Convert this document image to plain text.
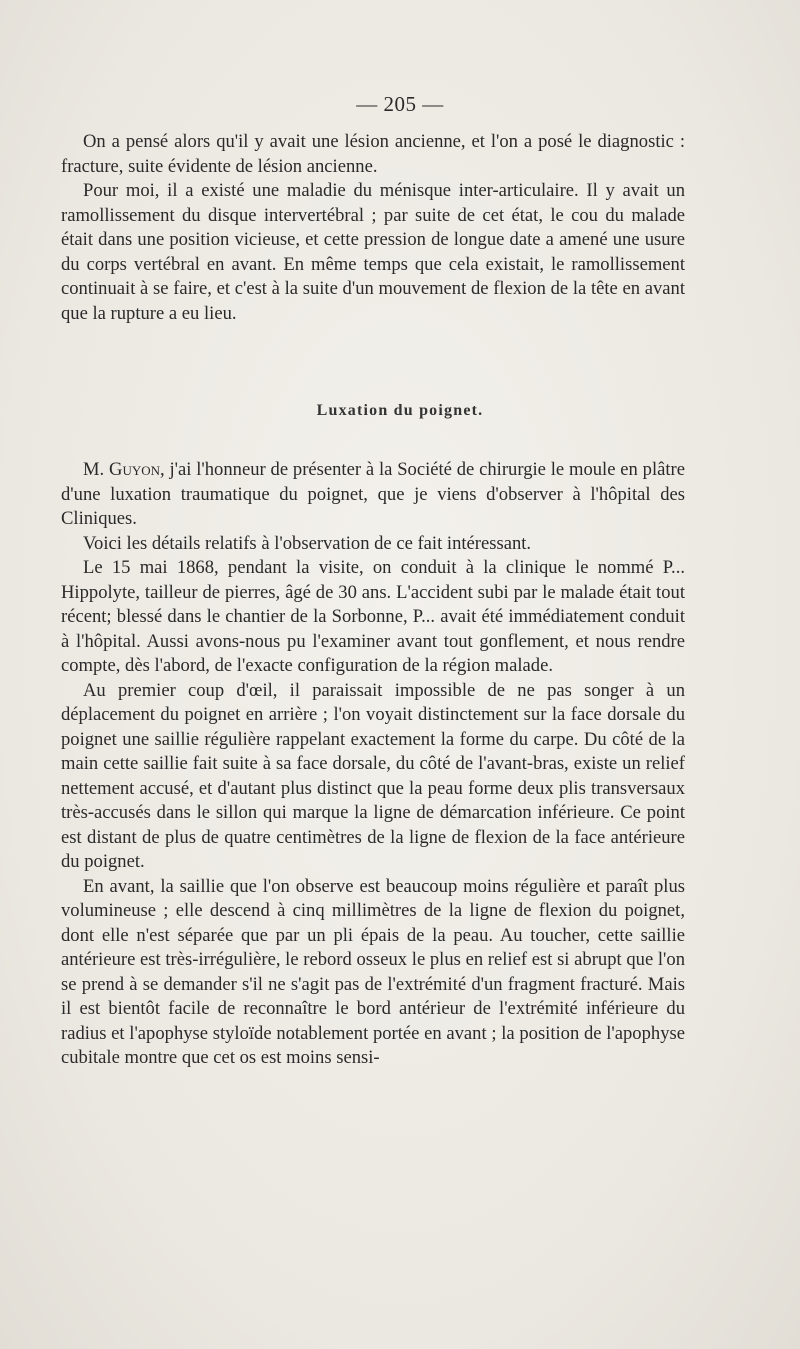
— 205 —

On a pensé alors qu'il y avait une lésion ancienne, et l'on a posé le diagnostic : fracture, suite évidente de lésion ancienne.

Pour moi, il a existé une maladie du ménisque inter-articulaire. Il y avait un ramollissement du disque intervertébral ; par suite de cet état, le cou du malade était dans une position vicieuse, et cette pression de longue date a amené une usure du corps vertébral en avant. En même temps que cela existait, le ramollissement continuait à se faire, et c'est à la suite d'un mouvement de flexion de la tête en avant que la rupture a eu lieu.

Luxation du poignet.

M. Guyon, j'ai l'honneur de présenter à la Société de chirurgie le moule en plâtre d'une luxation traumatique du poignet, que je viens d'observer à l'hôpital des Cliniques.

Voici les détails relatifs à l'observation de ce fait intéressant.

Le 15 mai 1868, pendant la visite, on conduit à la clinique le nommé P... Hippolyte, tailleur de pierres, âgé de 30 ans. L'accident subi par le malade était tout récent; blessé dans le chantier de la Sorbonne, P... avait été immédiatement conduit à l'hôpital. Aussi avons-nous pu l'examiner avant tout gonflement, et nous rendre compte, dès l'abord, de l'exacte configuration de la région malade.

Au premier coup d'œil, il paraissait impossible de ne pas songer à un déplacement du poignet en arrière ; l'on voyait distinctement sur la face dorsale du poignet une saillie régulière rappelant exactement la forme du carpe. Du côté de la main cette saillie fait suite à sa face dorsale, du côté de l'avant-bras, existe un relief nettement accusé, et d'autant plus distinct que la peau forme deux plis transversaux très-accusés dans le sillon qui marque la ligne de démarcation inférieure. Ce point est distant de plus de quatre centimètres de la ligne de flexion de la face antérieure du poignet.

En avant, la saillie que l'on observe est beaucoup moins régulière et paraît plus volumineuse ; elle descend à cinq millimètres de la ligne de flexion du poignet, dont elle n'est séparée que par un pli épais de la peau. Au toucher, cette saillie antérieure est très-irrégulière, le rebord osseux le plus en relief est si abrupt que l'on se prend à se demander s'il ne s'agit pas de l'extrémité d'un fragment fracturé. Mais il est bientôt facile de reconnaître le bord antérieur de l'extrémité inférieure du radius et l'apophyse styloïde notablement portée en avant ; la position de l'apophyse cubitale montre que cet os est moins sensi-
